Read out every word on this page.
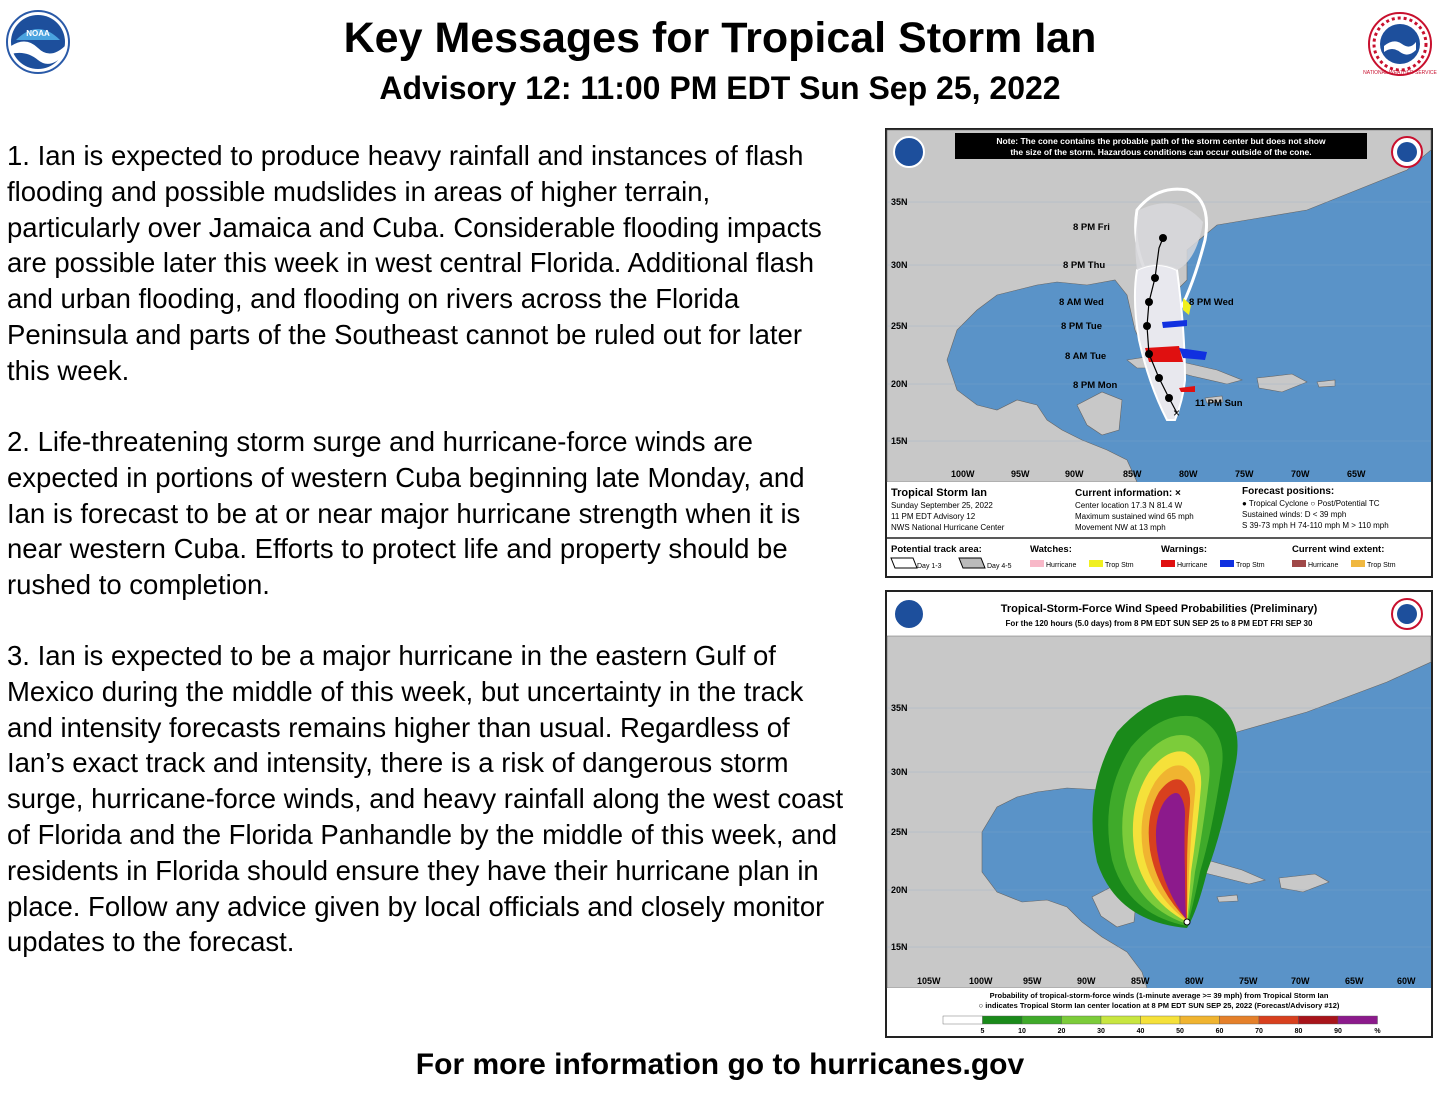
NOAA
NATIONAL WEATHER SERVICE
Key Messages for Tropical Storm Ian
Advisory 12: 11:00 PM EDT Sun Sep 25, 2022

1. Ian is expected to produce heavy rainfall and instances of flash flooding and possible mudslides in areas of higher terrain, particularly over Jamaica and Cuba. Considerable flooding impacts are possible later this week in west central Florida. Additional flash and urban flooding, and flooding on rivers across the Florida Peninsula and parts of the Southeast cannot be ruled out for later this week.

2. Life-threatening storm surge and hurricane-force winds are expected in portions of western Cuba beginning late Monday, and Ian is forecast to be at or near major hurricane strength when it is near western Cuba. Efforts to protect life and property should be rushed to completion.

3. Ian is expected to be a major hurricane in the eastern Gulf of Mexico during the middle of this week, but uncertainty in the track and intensity forecasts remains higher than usual. Regardless of Ian’s exact track and intensity, there is a risk of dangerous storm surge, hurricane-force winds, and heavy rainfall along the west coast of Florida and the Florida Panhandle by the middle of this week, and residents in Florida should ensure they have their hurricane plan in place. Follow any advice given by local officials and closely monitor updates to the forecast.

×
8 PM Fri
8 PM Thu
8 AM Wed	8 PM Wed
8 PM Tue
8 AM Tue
8 PM Mon
11 PM Sun
35N
30N
25N
20N
15N
100W	95W	90W	85W	80W	75W	70W	65W
Note: The cone contains the probable path of the storm center but does not show
the size of the storm. Hazardous conditions can occur outside of the cone.
Tropical Storm Ian
Sunday September 25, 2022
11 PM EDT Advisory 12
NWS National Hurricane Center
Current information: ×
Center location 17.3 N 81.4 W
Maximum sustained wind 65 mph
Movement NW at 13 mph
Forecast positions:
● Tropical Cyclone ○ Post/Potential TC
Sustained winds: D < 39 mph
S 39-73 mph H 74-110 mph M > 110 mph
Potential track area:
Day 1-3	Day 4-5
Watches:
Hurricane	Trop Stm
Warnings:
Hurricane	Trop Stm
Current wind extent:
Hurricane	Trop Stm
Tropical-Storm-Force Wind Speed Probabilities (Preliminary)
For the 120 hours (5.0 days) from 8 PM EDT SUN SEP 25 to 8 PM EDT FRI SEP 30
35N
30N
25N
20N
15N
105W	100W	95W	90W	85W	80W	75W	70W	65W	60W
Probability of tropical-storm-force winds (1-minute average >= 39 mph) from Tropical Storm Ian
○ indicates Tropical Storm Ian center location at 8 PM EDT SUN SEP 25, 2022 (Forecast/Advisory #12)
5	10	20	30	40	50	60	70	80	90	%
For more information go to hurricanes.gov
